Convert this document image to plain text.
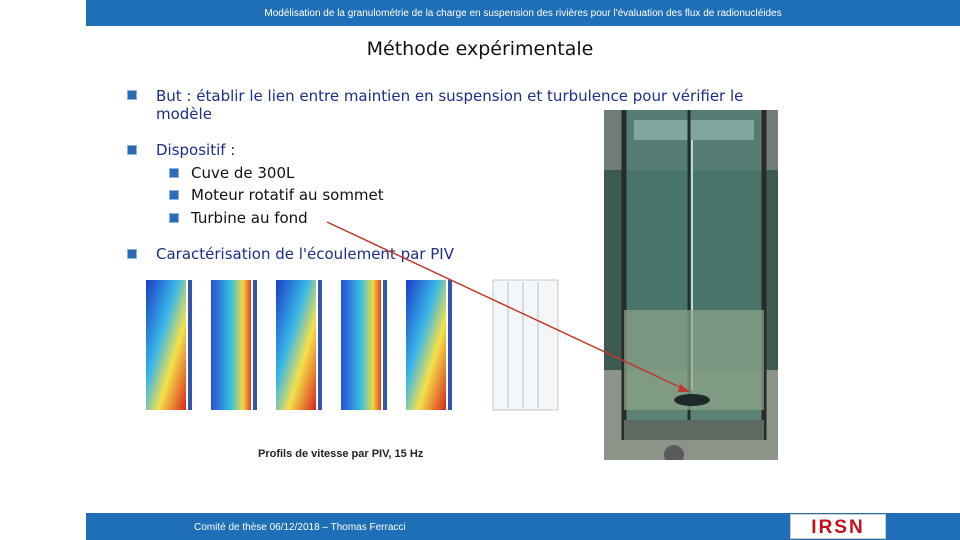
Modélisation de la granulométrie de la charge en suspension des rivières pour l'évaluation des flux de radionucléides
Méthode expérimentale
But : établir le lien entre maintien en suspension et turbulence pour vérifier le
modèle
Dispositif :
Cuve de 300L
Moteur rotatif au sommet
Turbine au fond
Caractérisation de l'écoulement par PIV
Profils de vitesse par PIV, 15 Hz
Comité de thèse 06/12/2018 – Thomas Ferracci	IRSN
